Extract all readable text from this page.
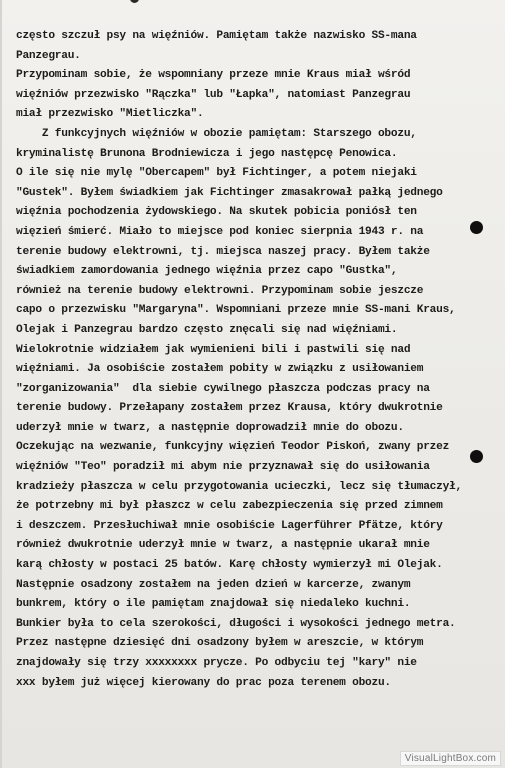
często szczuł psy na więźniów. Pamiętam także nazwisko SS-mana
Panzegrau.
Przypominam sobie, że wspomniany przeze mnie Kraus miał wśród
więźniów przezwisko "Rączka" lub "Łapka", natomiast Panzegrau
miał przezwisko "Mietliczka".
Z funkcyjnych więźniów w obozie pamiętam: Starszego obozu,
kryminalistę Brunona Brodniewicza i jego następcę Penowica.
O ile się nie mylę "Obercapem" był Fichtinger, a potem niejaki
"Gustek". Byłem świadkiem jak Fichtinger zmasakrował pałką jednego
więźnia pochodzenia żydowskiego. Na skutek pobicia poniósł ten
więzień śmierć. Miało to miejsce pod koniec sierpnia 1943 r. na
terenie budowy elektrowni, tj. miejsca naszej pracy. Byłem także
świadkiem zamordowania jednego więźnia przez capo "Gustka",
również na terenie budowy elektrowni. Przypominam sobie jeszcze
capo o przezwisku "Margaryna". Wspomniani przeze mnie SS-mani Kraus,
Olejak i Panzegrau bardzo często znęcali się nad więźniami.
Wielokrotnie widziałem jak wymienieni bili i pastwili się nad
więźniami. Ja osobiście zostałem pobity w związku z usiłowaniem
"zorganizowania"  dla siebie cywilnego płaszcza podczas pracy na
terenie budowy. Przełapany zostałem przez Krausa, który dwukrotnie
uderzył mnie w twarz, a następnie doprowadził mnie do obozu.
Oczekując na wezwanie, funkcyjny więzień Teodor Piskoń, zwany przez
więźniów "Teo" poradził mi abym nie przyznawał się do usiłowania
kradzieży płaszcza w celu przygotowania ucieczki, lecz się tłumaczył,
że potrzebny mi był płaszcz w celu zabezpieczenia się przed zimnem
i deszczem. Przesłuchiwał mnie osobiście Lagerführer Pfätze, który
również dwukrotnie uderzył mnie w twarz, a następnie ukarał mnie
karą chłosty w postaci 25 batów. Karę chłosty wymierzył mi Olejak.
Następnie osadzony zostałem na jeden dzień w karcerze, zwanym
bunkrem, który o ile pamiętam znajdował się niedaleko kuchni.
Bunkier była to cela szerokości, długości i wysokości jednego metra.
Przez następne dziesięć dni osadzony byłem w areszcie, w którym
znajdowały się trzy xxxxxxxx prycze. Po odbyciu tej "kary" nie
xxx byłem już więcej kierowany do prac poza terenem obozu.
VisualLightBox.com
